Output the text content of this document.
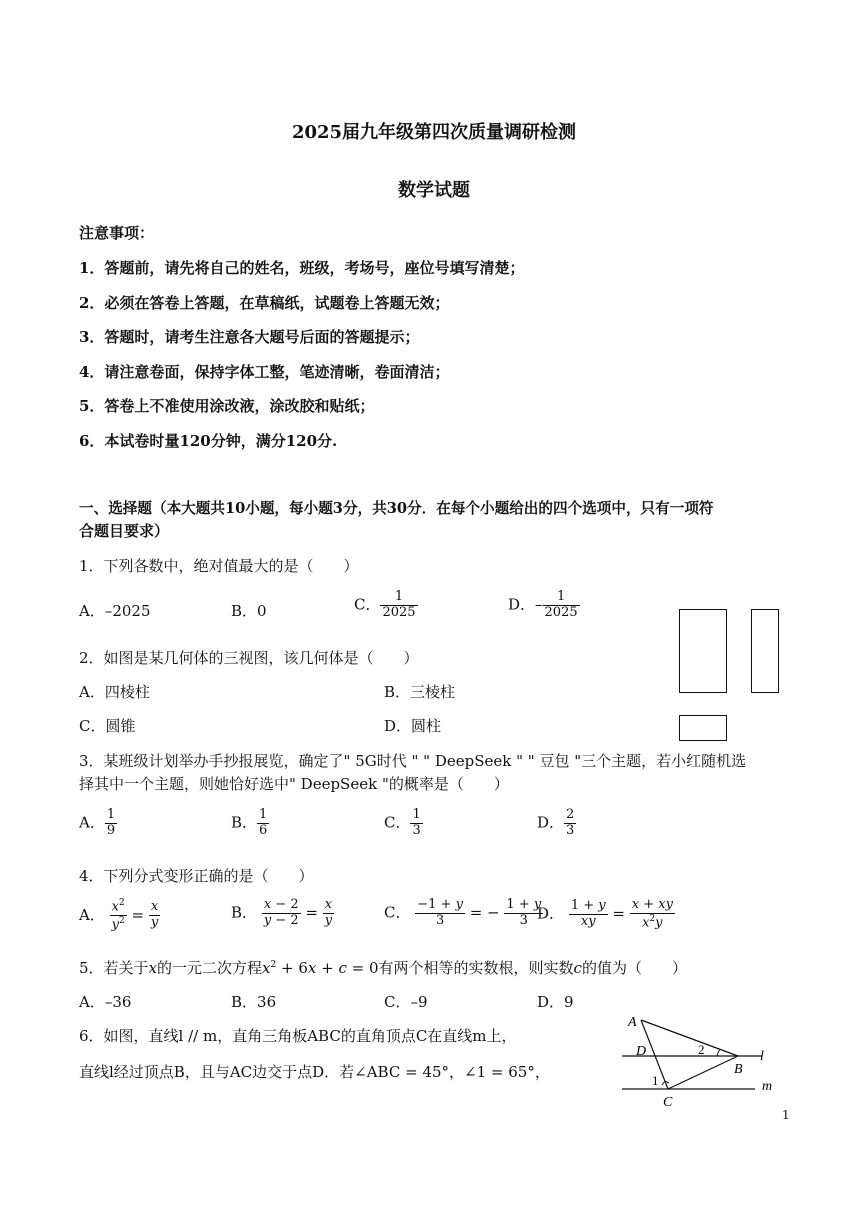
2025届九年级第四次质量调研检测
数学试题
注意事项：
1．答题前，请先将自己的姓名，班级，考场号，座位号填写清楚；
2．必须在答卷上答题，在草稿纸，试题卷上答题无效；
3．答题时，请考生注意各大题号后面的答题提示；
4．请注意卷面，保持字体工整，笔迹清晰，卷面清洁；
5．答卷上不准使用涂改液，涂改胶和贴纸；
6．本试卷时量120分钟，满分120分.
一、选择题（本大题共10小题，每小题3分，共30分．在每个小题给出的四个选项中，只有一项符
合题目要求）
1．下列各数中，绝对值最大的是（　　）
A．–2025	B．0	C． $\frac{1}{2025}$	D．– $\frac{1}{2025}$
2．如图是某几何体的三视图，该几何体是（　　）
A．四棱柱	B．三棱柱
C．圆锥	D．圆柱
3．某班级计划举办手抄报展览，确定了" 5G时代 " " DeepSeek " " 豆包 "三个主题，若小红随机选
择其中一个主题，则她恰好选中" DeepSeek "的概率是（　　）
A． $\frac{1}{9}$	B． $\frac{1}{6}$	C． $\frac{1}{3}$	D． $\frac{2}{3}$
4．下列分式变形正确的是（　　）
A． $\frac{x^2}{y^2} = \frac{x}{y}$	B． $\frac{x - 2}{y - 2} = \frac{x}{y}$	C． $\frac{-1 + y}{3}$ = − $\frac{1 + y}{3}$
D． $\frac{1 + y}{xy} = \frac{x + xy}{x^2y}$
5．若关于x的一元二次方程$x^2 + 6x + c = 0$有两个相等的实数根，则实数c的值为（　　）
A．–36	B．36	C．–9	D．9
6．如图，直线l // m，直角三角板ABC的直角顶点C在直线m上，
直线l经过顶点B，且与AC边交于点D．若∠ABC = 45°，∠1 = 65°，
A
D	2
B
l
m
1
C
1
